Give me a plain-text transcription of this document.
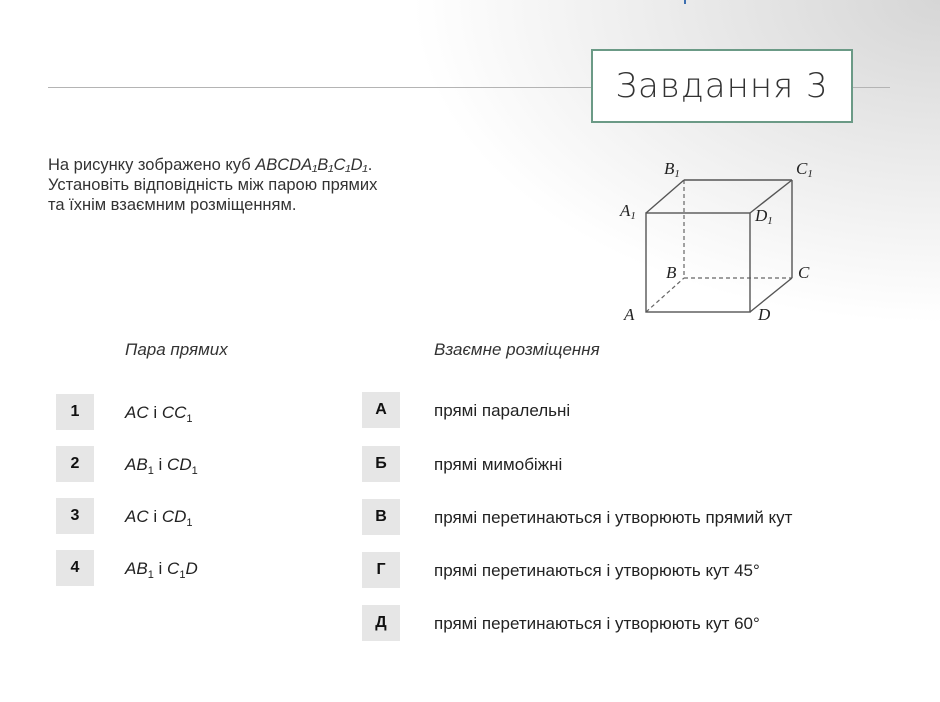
Завдання 3
На рисунку зображено куб ABCDA₁B₁C₁D₁.
Установіть відповідність між парою прямих
та їхнім взаємним розміщенням.
B1	C1
A1	D1
B	C
A	D
Пара прямих	Взаємне розміщення
1	AC і $CC_1$
2	$AB_1$ і $CD_1$
3	AC і $CD_1$
4	$AB_1$ і $C_1D$
А	прямі паралельні
Б	прямі мимобіжні
В	прямі перетинаються і утворюють прямий кут
Г	прямі перетинаються і утворюють кут 45°
Д	прямі перетинаються і утворюють кут 60°
